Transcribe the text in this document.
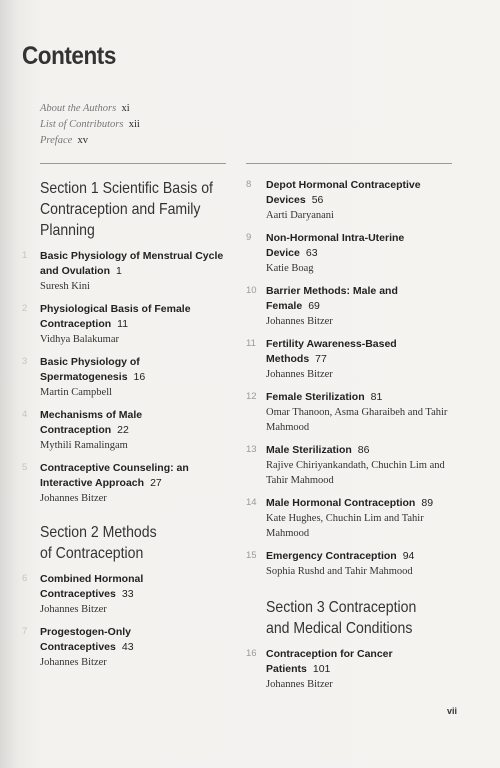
Contents
About the Authors xi
List of Contributors xii
Preface xv
Section 1 Scientific Basis of Contraception and Family Planning
1	Basic Physiology of Menstrual Cycle and Ovulation 1
Suresh Kini
2	Physiological Basis of Female Contraception 11
Vidhya Balakumar
3	Basic Physiology of Spermatogenesis 16
Martin Campbell
4	Mechanisms of Male Contraception 22
Mythili Ramalingam
5	Contraceptive Counseling: an Interactive Approach 27
Johannes Bitzer
Section 2 Methods of Contraception
6	Combined Hormonal Contraceptives 33
Johannes Bitzer
7	Progestogen-Only Contraceptives 43
Johannes Bitzer
8	Depot Hormonal Contraceptive Devices 56
Aarti Daryanani
9	Non-Hormonal Intra-Uterine Device 63
Katie Boag
10 Barrier Methods: Male and Female 69
Johannes Bitzer
11 Fertility Awareness-Based Methods 77
Johannes Bitzer
12 Female Sterilization 81
Omar Thanoon, Asma Gharaibeh and Tahir Mahmood
13 Male Sterilization 86
Rajive Chiriyankandath, Chuchin Lim and Tahir Mahmood
14 Male Hormonal Contraception 89
Kate Hughes, Chuchin Lim and Tahir Mahmood
15 Emergency Contraception 94
Sophia Rushd and Tahir Mahmood
Section 3 Contraception and Medical Conditions
16 Contraception for Cancer Patients 101
Johannes Bitzer
vii
